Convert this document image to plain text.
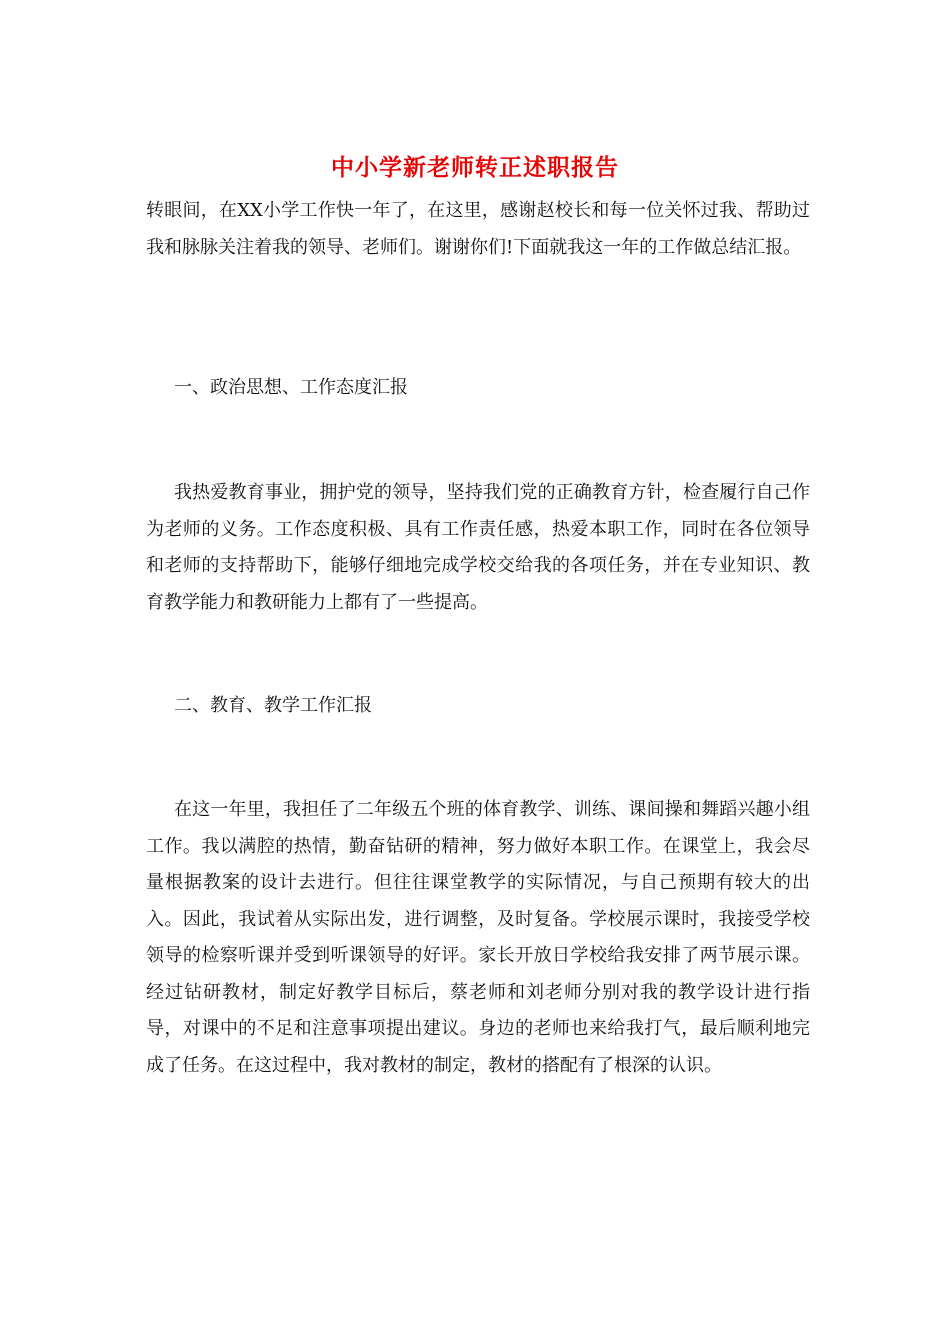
中小学新老师转正述职报告

转眼间，在XX小学工作快一年了，在这里，感谢赵校长和每一位关怀过我、帮助过我和脉脉关注着我的领导、老师们。谢谢你们!下面就我这一年的工作做总结汇报。

一、政治思想、工作态度汇报

我热爱教育事业，拥护党的领导，坚持我们党的正确教育方针，检查履行自己作为老师的义务。工作态度积极、具有工作责任感，热爱本职工作，同时在各位领导和老师的支持帮助下，能够仔细地完成学校交给我的各项任务，并在专业知识、教育教学能力和教研能力上都有了一些提高。

二、教育、教学工作汇报

在这一年里，我担任了二年级五个班的体育教学、训练、课间操和舞蹈兴趣小组工作。我以满腔的热情，勤奋钻研的精神，努力做好本职工作。在课堂上，我会尽量根据教案的设计去进行。但往往课堂教学的实际情况，与自己预期有较大的出入。因此，我试着从实际出发，进行调整，及时复备。学校展示课时，我接受学校领导的检察听课并受到听课领导的好评。家长开放日学校给我安排了两节展示课。经过钻研教材，制定好教学目标后，蔡老师和刘老师分别对我的教学设计进行指导，对课中的不足和注意事项提出建议。身边的老师也来给我打气，最后顺利地完成了任务。在这过程中，我对教材的制定，教材的搭配有了根深的认识。
